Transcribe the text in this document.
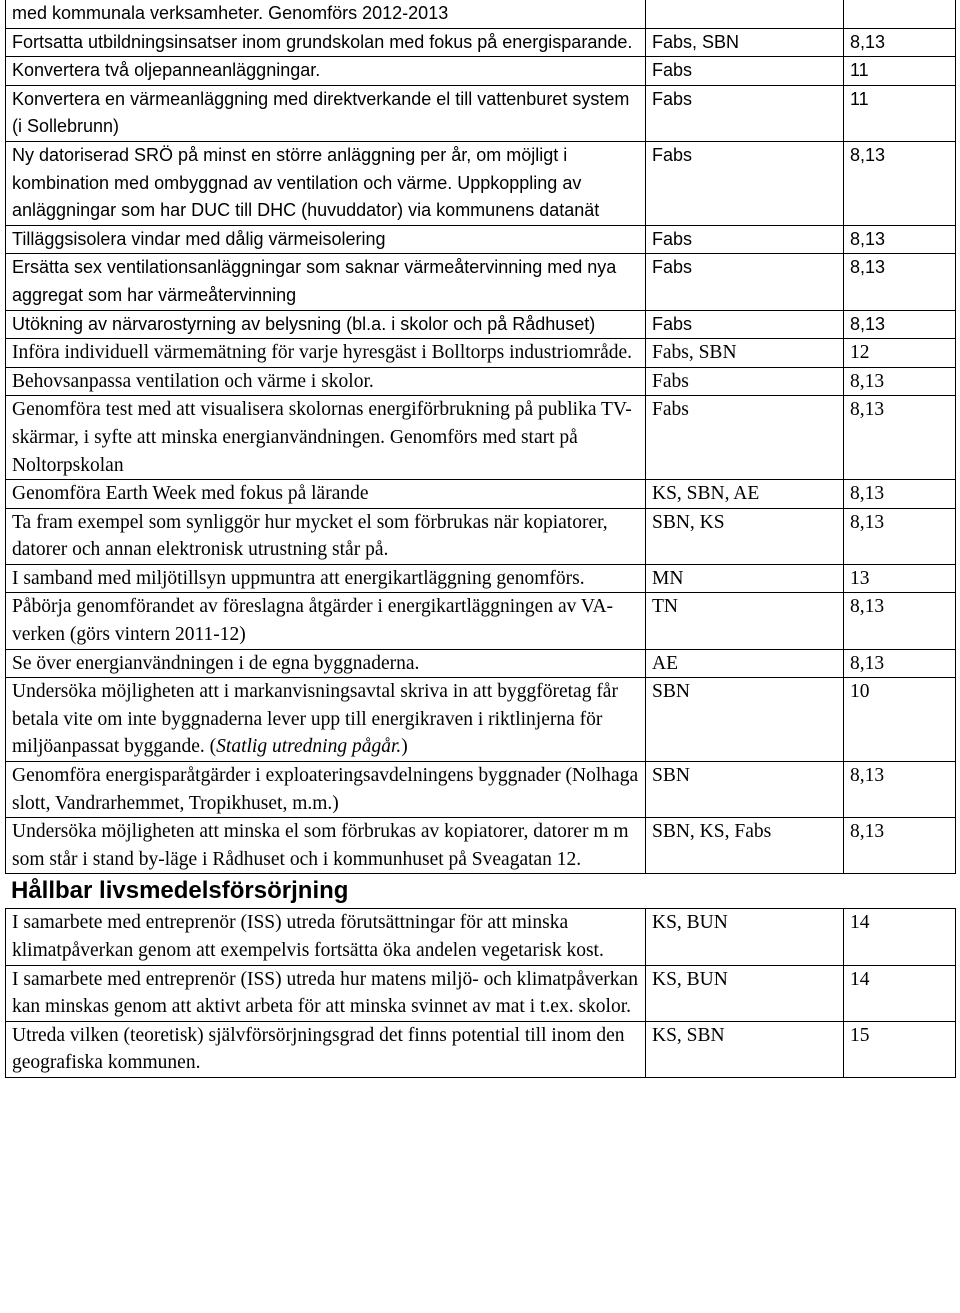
med kommunala verksamheter. Genomförs 2012-2013		
Fortsatta utbildningsinsatser inom grundskolan med fokus på energisparande.	Fabs, SBN	8,13
Konvertera två oljepanneanläggningar.	Fabs	11
Konvertera en värmeanläggning med direktverkande el till vattenburet system (i Sollebrunn)	Fabs	11
Ny datoriserad SRÖ på minst en större anläggning per år, om möjligt i kombination med ombyggnad av ventilation och värme. Uppkoppling av anläggningar som har DUC till DHC (huvuddator) via kommunens datanät	Fabs	8,13
Tilläggsisolera vindar med dålig värmeisolering	Fabs	8,13
Ersätta sex ventilationsanläggningar som saknar värmeåtervinning med nya aggregat som har värmeåtervinning	Fabs	8,13
Utökning av närvarostyrning av belysning (bl.a. i skolor och på Rådhuset)	Fabs	8,13
Införa individuell värmemätning för varje hyresgäst i Bolltorps industriområde.	Fabs, SBN	12
Behovsanpassa ventilation och värme i skolor.	Fabs	8,13
Genomföra test med att visualisera skolornas energiförbrukning på publika TV-skärmar, i syfte att minska energianvändningen. Genomförs med start på Noltorpskolan	Fabs	8,13
Genomföra Earth Week med fokus på lärande	KS, SBN, AE	8,13
Ta fram exempel som synliggör hur mycket el som förbrukas när kopiatorer, datorer och annan elektronisk utrustning står på.	SBN, KS	8,13
I samband med miljötillsyn uppmuntra att energikartläggning genomförs.	MN	13
Påbörja genomförandet av föreslagna åtgärder i energikartläggningen av VA-verken (görs vintern 2011-12)	TN	8,13
Se över energianvändningen i de egna byggnaderna.	AE	8,13
Undersöka möjligheten att i markanvisningsavtal skriva in att byggföretag får betala vite om inte byggnaderna lever upp till energikraven i riktlinjerna för miljöanpassat byggande. (Statlig utredning pågår.)	SBN	10
Genomföra energisparåtgärder i exploateringsavdelningens byggnader (Nolhaga slott, Vandrarhemmet, Tropikhuset, m.m.)	SBN	8,13
Undersöka möjligheten att minska el som förbrukas av kopiatorer, datorer m m som står i stand by-läge i Rådhuset och i kommunhuset på Sveagatan 12.	SBN, KS, Fabs	8,13
Hållbar livsmedelsförsörjning
I samarbete med entreprenör (ISS) utreda förutsättningar för att minska klimatpåverkan genom att exempelvis fortsätta öka andelen vegetarisk kost.	KS, BUN	14
I samarbete med entreprenör (ISS) utreda hur matens miljö- och klimatpåverkan kan minskas genom att aktivt arbeta för att minska svinnet av mat i t.ex. skolor.	KS, BUN	14
Utreda vilken (teoretisk) självförsörjningsgrad det finns potential till inom den geografiska kommunen.	KS, SBN	15
